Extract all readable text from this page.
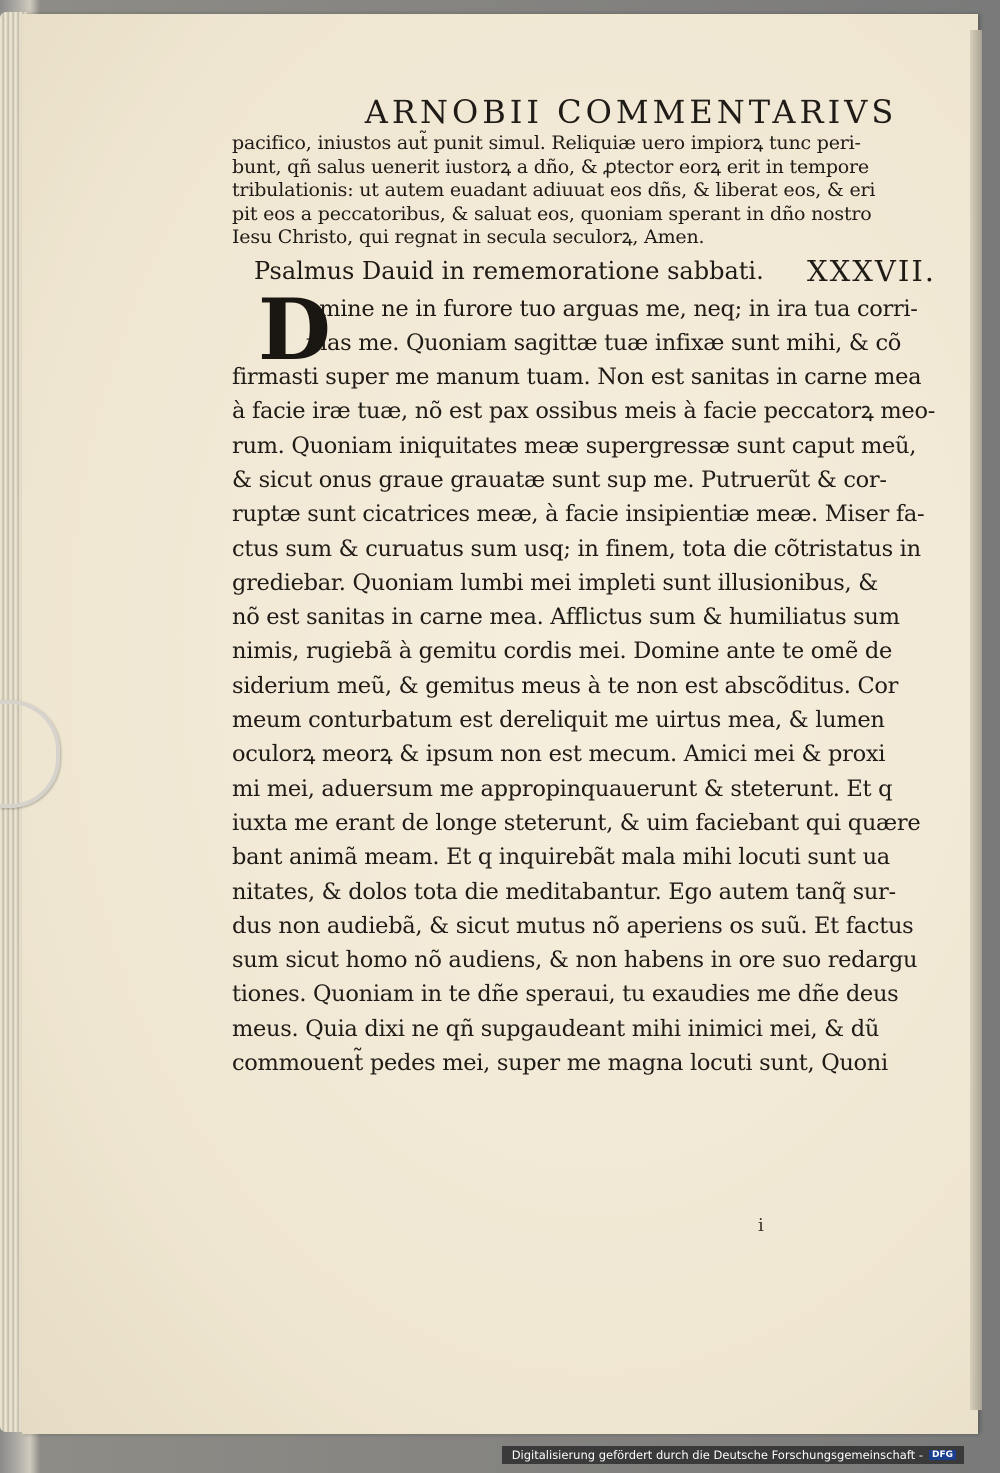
ARNOBII COMMENTARIVS
pacifico, iniustos aut̃ punit simul. Reliquiæ uero impiorꝝ tunc peri-
bunt, qñ salus uenerit iustorꝝ a dño, & ꝓtector eorꝝ erit in tempore
tribulationis: ut autem euadant adiuuat eos dñs, & liberat eos, & eri
pit eos a peccatoribus, & saluat eos, quoniam sperant in dño nostro
Iesu Christo, qui regnat in secula seculorꝝ, Amen.
Psalmus Dauid in rememoratione sabbati. XXXVII.
D
omine ne in furore tuo arguas me, neq; in ira tua corri-
pias me. Quoniam sagittæ tuæ infixæ sunt mihi, & cõ
firmasti super me manum tuam. Non est sanitas in carne mea
à facie iræ tuæ, nõ est pax ossibus meis à facie peccatorꝝ meo-
rum. Quoniam iniquitates meæ supergressæ sunt caput meũ,
& sicut onus graue grauatæ sunt sup me. Putruerũt & cor-
ruptæ sunt cicatrices meæ, à facie insipientiæ meæ. Miser fa-
ctus sum & curuatus sum usq; in finem, tota die cõtristatus in
grediebar. Quoniam lumbi mei impleti sunt illusionibus, &
nõ est sanitas in carne mea. Afflictus sum & humiliatus sum
nimis, rugiebã à gemitu cordis mei. Domine ante te omẽ de
siderium meũ, & gemitus meus à te non est abscõditus. Cor
meum conturbatum est dereliquit me uirtus mea, & lumen
oculorꝝ meorꝝ & ipsum non est mecum. Amici mei & proxi
mi mei, aduersum me appropinquauerunt & steterunt. Et q
iuxta me erant de longe steterunt, & uim faciebant qui quære
bant animã meam. Et q inquirebãt mala mihi locuti sunt ua
nitates, & dolos tota die meditabantur. Ego autem tanq̃ sur-
dus non audiebã, & sicut mutus nõ aperiens os suũ. Et factus
sum sicut homo nõ audiens, & non habens in ore suo redargu
tiones. Quoniam in te dñe speraui, tu exaudies me dñe deus
meus. Quia dixi ne qñ supgaudeant mihi inimici mei, & dũ
commouent̃ pedes mei, super me magna locuti sunt, Quoni
i
Digitalisierung gefördert durch die Deutsche Forschungsgemeinschaft -	DFG
